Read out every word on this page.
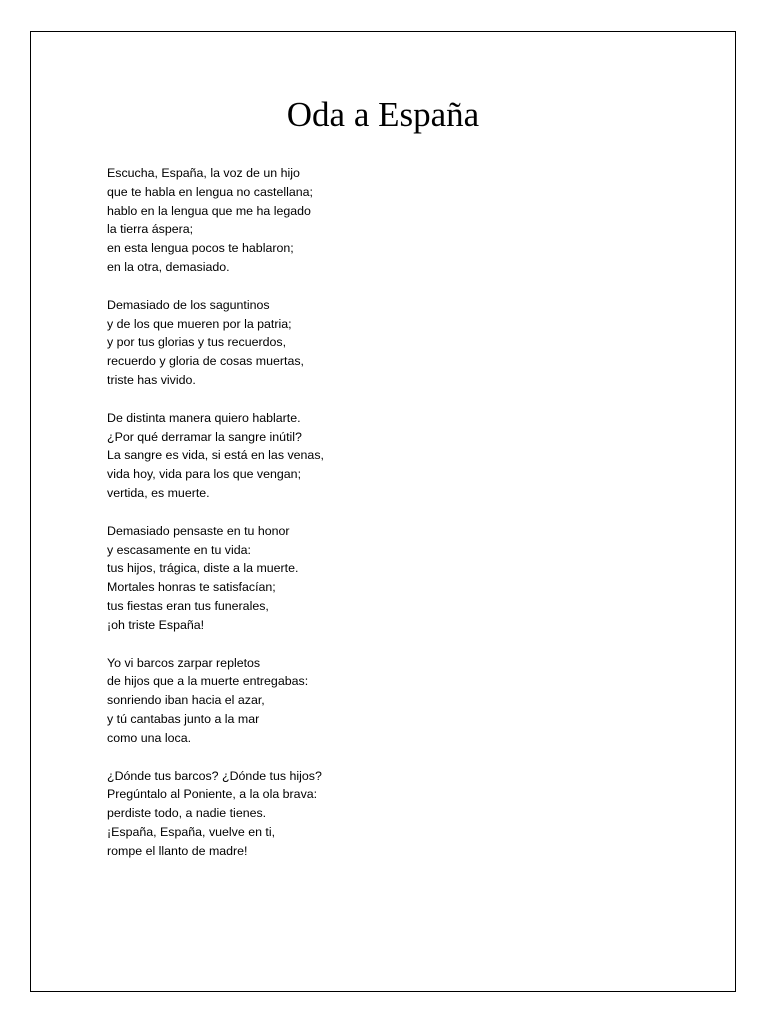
Oda a España
Escucha, España, la voz de un hijo
que te habla en lengua no castellana;
hablo en la lengua que me ha legado
la tierra áspera;
en esta lengua pocos te hablaron;
en la otra, demasiado.
Demasiado de los saguntinos
y de los que mueren por la patria;
y por tus glorias y tus recuerdos,
recuerdo y gloria de cosas muertas,
triste has vivido.
De distinta manera quiero hablarte.
¿Por qué derramar la sangre inútil?
La sangre es vida, si está en las venas,
vida hoy, vida para los que vengan;
vertida, es muerte.
Demasiado pensaste en tu honor
y escasamente en tu vida:
tus hijos, trágica, diste a la muerte.
Mortales honras te satisfacían;
tus fiestas eran tus funerales,
¡oh triste España!
Yo vi barcos zarpar repletos
de hijos que a la muerte entregabas:
sonriendo iban hacia el azar,
y tú cantabas junto a la mar
como una loca.
¿Dónde tus barcos? ¿Dónde tus hijos?
Pregúntalo al Poniente, a la ola brava:
perdiste todo, a nadie tienes.
¡España, España, vuelve en ti,
rompe el llanto de madre!
